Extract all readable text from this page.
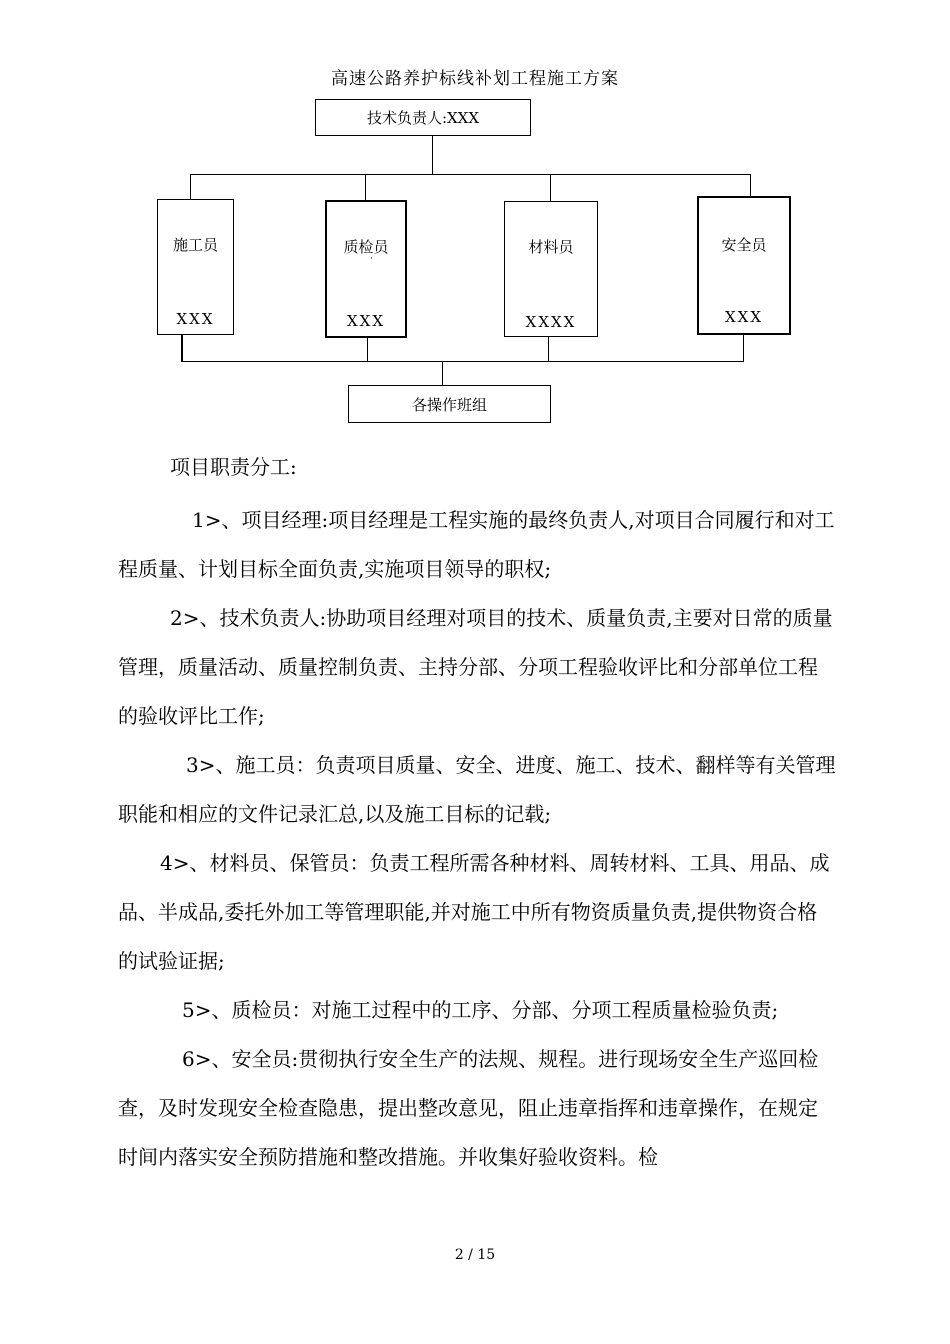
高速公路养护标线补划工程施工方案
技术负责人:XXX
施工员
XXX
质检员
XXX
·
材料员
XXXX
安全员
XXX
各操作班组
项目职责分工:
1>、项目经理:项目经理是工程实施的最终负责人,对项目合同履行和对工程质量、计划目标全面负责,实施项目领导的职权;
2>、技术负责人:协助项目经理对项目的技术、质量负责,主要对日常的质量管理，质量活动、质量控制负责、主持分部、分项工程验收评比和分部单位工程的验收评比工作;
3>、施工员：负责项目质量、安全、进度、施工、技术、翻样等有关管理职能和相应的文件记录汇总,以及施工目标的记载;
4>、材料员、保管员：负责工程所需各种材料、周转材料、工具、用品、成品、半成品,委托外加工等管理职能,并对施工中所有物资质量负责,提供物资合格的试验证据;
5>、质检员：对施工过程中的工序、分部、分项工程质量检验负责;
6>、安全员:贯彻执行安全生产的法规、规程。进行现场安全生产巡回检查，及时发现安全检查隐患，提出整改意见，阻止违章指挥和违章操作，在规定时间内落实安全预防措施和整改措施。并收集好验收资料。检
2 / 15
